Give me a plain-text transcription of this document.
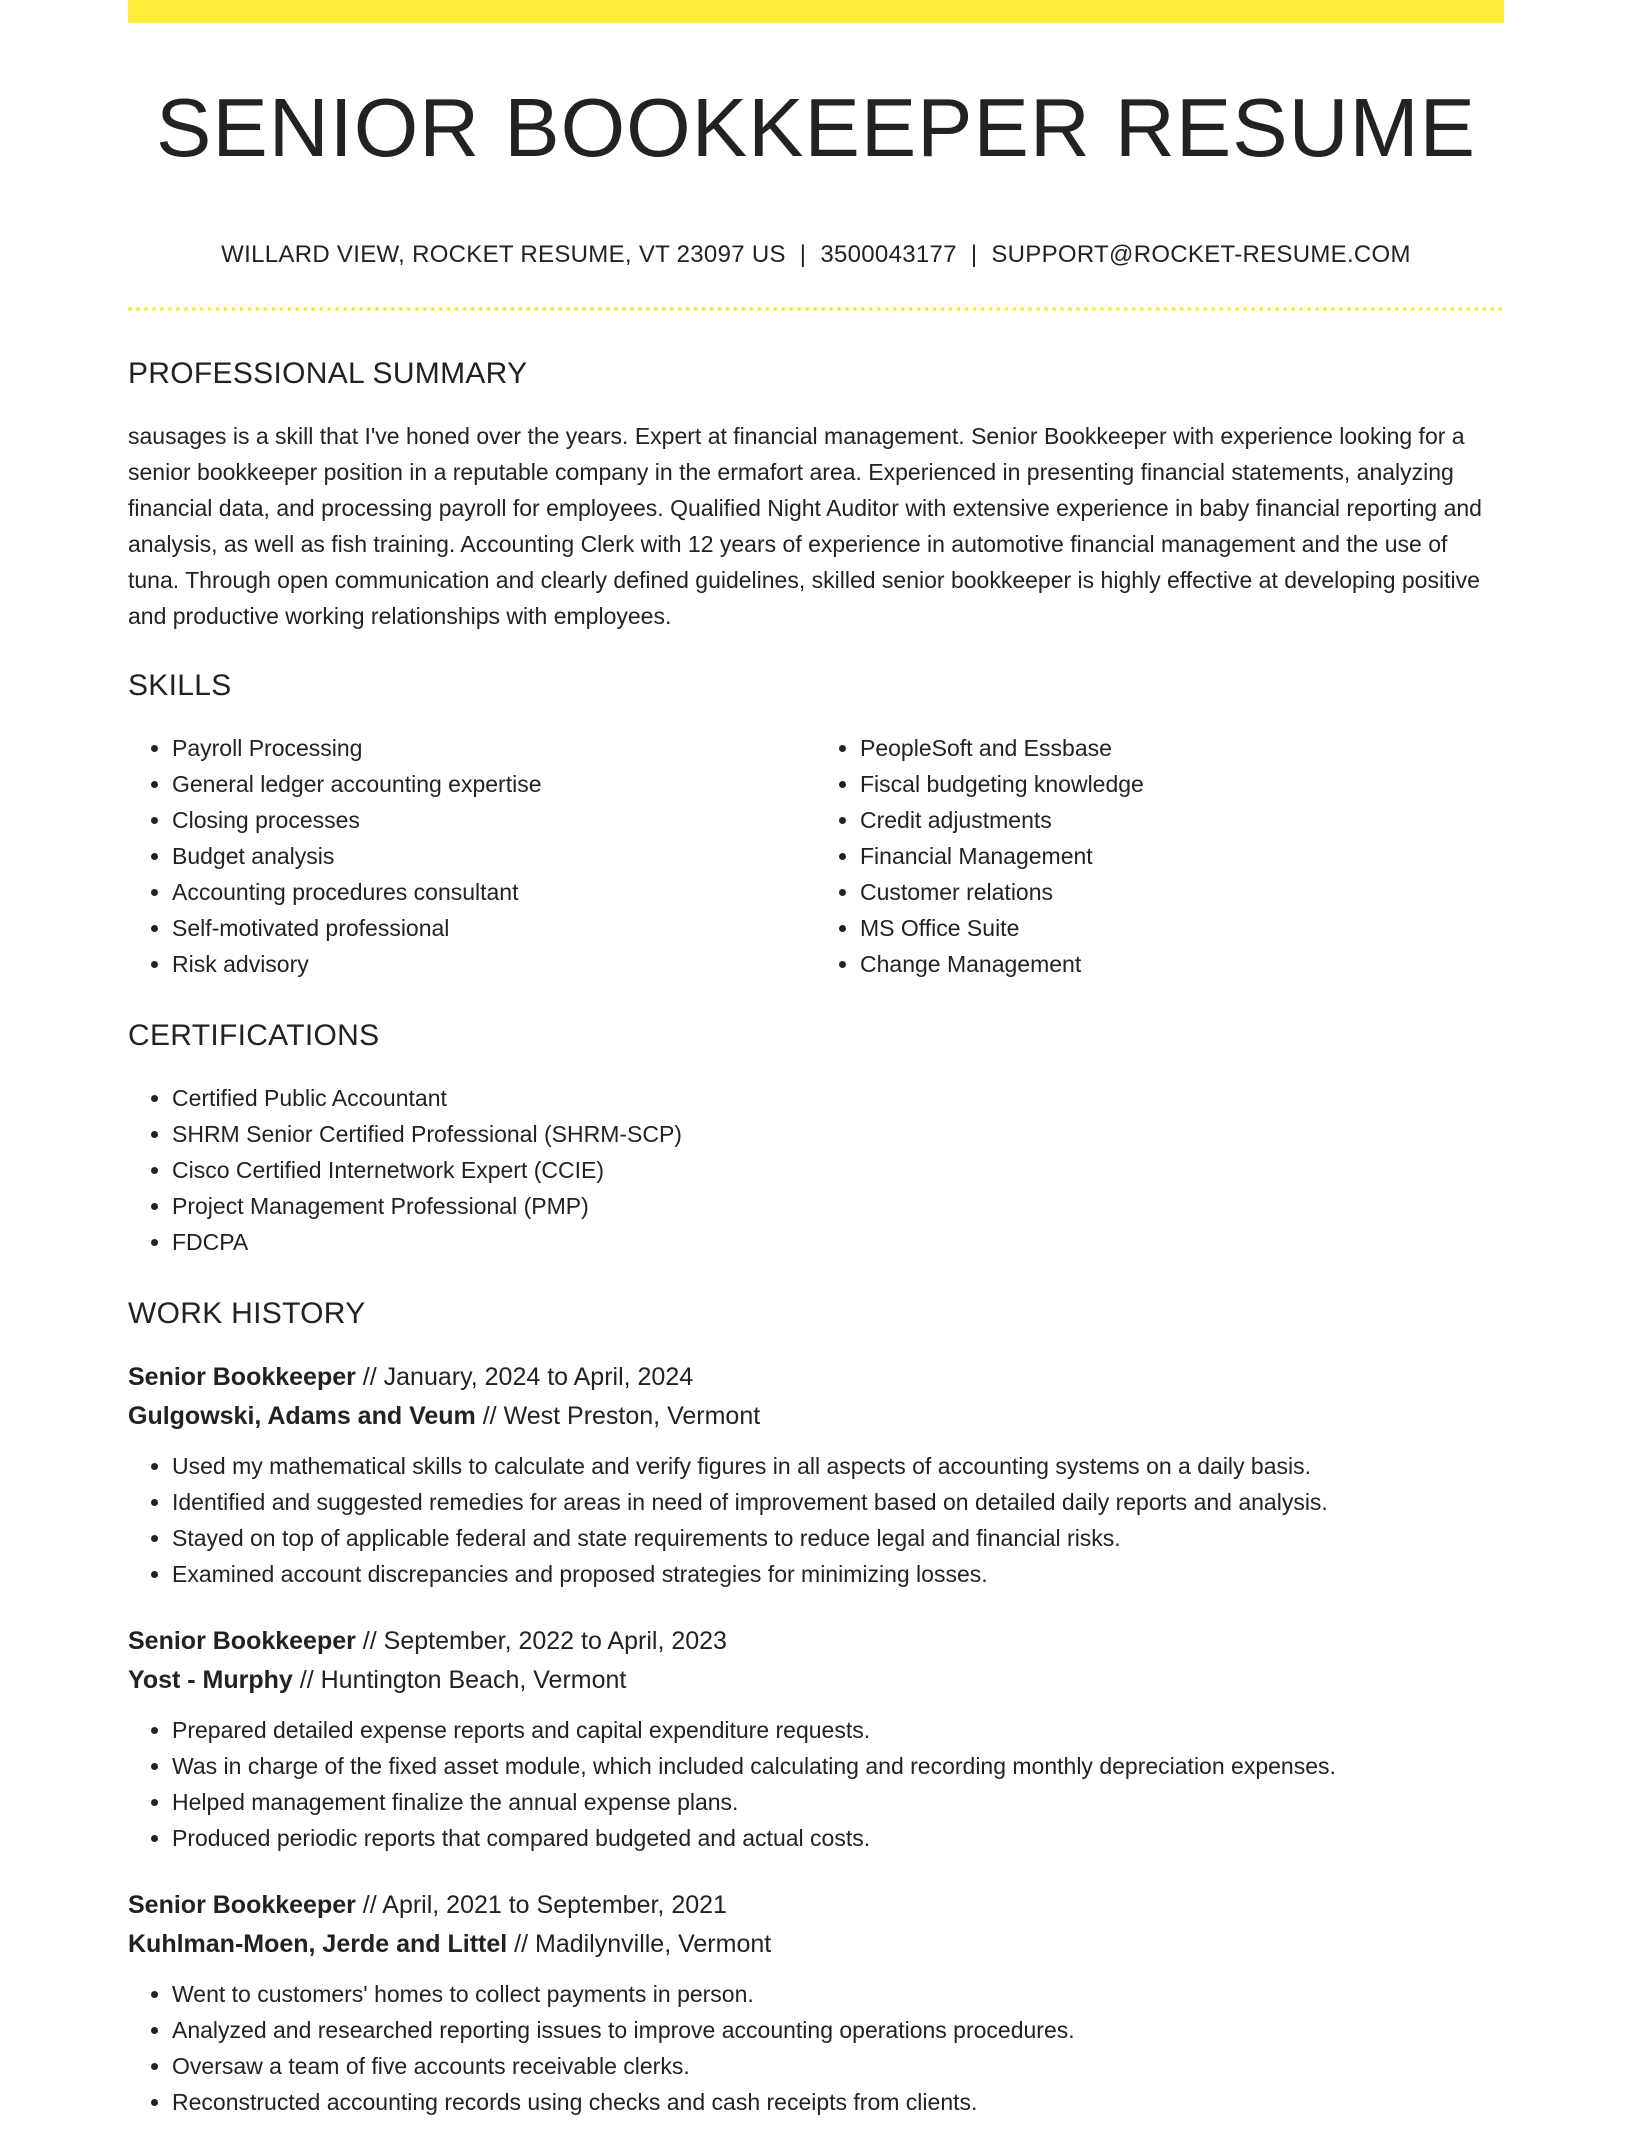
SENIOR BOOKKEEPER RESUME
WILLARD VIEW, ROCKET RESUME, VT 23097 US | 3500043177 | SUPPORT@ROCKET-RESUME.COM
PROFESSIONAL SUMMARY

sausages is a skill that I've honed over the years. Expert at financial management. Senior Bookkeeper with experience looking for a senior bookkeeper position in a reputable company in the ermafort area. Experienced in presenting financial statements, analyzing financial data, and processing payroll for employees. Qualified Night Auditor with extensive experience in baby financial reporting and analysis, as well as fish training. Accounting Clerk with 12 years of experience in automotive financial management and the use of tuna. Through open communication and clearly defined guidelines, skilled senior bookkeeper is highly effective at developing positive and productive working relationships with employees.

SKILLS
• Payroll Processing
• General ledger accounting expertise
• Closing processes
• Budget analysis
• Accounting procedures consultant
• Self-motivated professional
• Risk advisory
• PeopleSoft and Essbase
• Fiscal budgeting knowledge
• Credit adjustments
• Financial Management
• Customer relations
• MS Office Suite
• Change Management
CERTIFICATIONS
• Certified Public Accountant
• SHRM Senior Certified Professional (SHRM-SCP)
• Cisco Certified Internetwork Expert (CCIE)
• Project Management Professional (PMP)
• FDCPA
WORK HISTORY
Senior Bookkeeper // January, 2024 to April, 2024
Gulgowski, Adams and Veum // West Preston, Vermont
• Used my mathematical skills to calculate and verify figures in all aspects of accounting systems on a daily basis.
• Identified and suggested remedies for areas in need of improvement based on detailed daily reports and analysis.
• Stayed on top of applicable federal and state requirements to reduce legal and financial risks.
• Examined account discrepancies and proposed strategies for minimizing losses.
Senior Bookkeeper // September, 2022 to April, 2023
Yost - Murphy // Huntington Beach, Vermont
• Prepared detailed expense reports and capital expenditure requests.
• Was in charge of the fixed asset module, which included calculating and recording monthly depreciation expenses.
• Helped management finalize the annual expense plans.
• Produced periodic reports that compared budgeted and actual costs.
Senior Bookkeeper // April, 2021 to September, 2021
Kuhlman-Moen, Jerde and Littel // Madilynville, Vermont
• Went to customers' homes to collect payments in person.
• Analyzed and researched reporting issues to improve accounting operations procedures.
• Oversaw a team of five accounts receivable clerks.
• Reconstructed accounting records using checks and cash receipts from clients.
